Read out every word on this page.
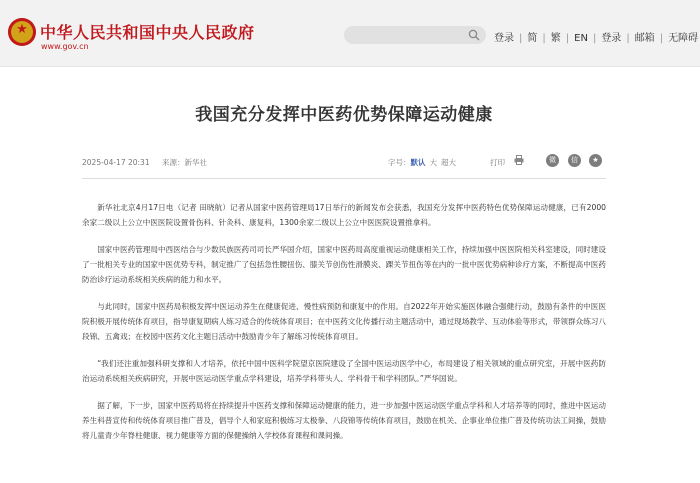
★ 中华人民共和国中央人民政府
www.gov.cn
登录 | 简 | 繁 | EN | 登录 | 邮箱 | 无障碍
我国充分发挥中医药优势保障运动健康
2025-04-17 20:31 来源：新华社	字号：默认 大 超大	打印	微	信	★

新华社北京4月17日电（记者 田晓航）记者从国家中医药管理局17日举行的新闻发布会获悉，我国充分发挥中医药特色优势保障运动健康，已有2000余家二级以上公立中医医院设置骨伤科、针灸科、康复科，1300余家二级以上公立中医医院设置推拿科。

国家中医药管理局中西医结合与少数民族医药司司长严华国介绍，国家中医药局高度重视运动健康相关工作，持续加强中医医院相关科室建设，同时建设了一批相关专业的国家中医优势专科，制定推广了包括急性腰扭伤、膝关节创伤性滑膜炎、踝关节扭伤等在内的一批中医优势病种诊疗方案，不断提高中医药防治诊疗运动系统相关疾病的能力和水平。

与此同时，国家中医药局积极发挥中医运动养生在健康促进、慢性病预防和康复中的作用。自2022年开始实施医体融合强健行动，鼓励有条件的中医医院积极开展传统体育项目，指导康复期病人练习适合的传统体育项目；在中医药文化传播行动主题活动中，通过现场教学、互动体验等形式，带领群众练习八段锦、五禽戏；在校园中医药文化主题日活动中鼓励青少年了解练习传统体育项目。

“我们还注重加强科研支撑和人才培养，依托中国中医科学院望京医院建设了全国中医运动医学中心，布局建设了相关领域的重点研究室，开展中医药防治运动系统相关疾病研究，开展中医运动医学重点学科建设，培养学科带头人、学科骨干和学科团队。”严华国说。

据了解，下一步，国家中医药局将在持续提升中医药支撑和保障运动健康的能力，进一步加强中医运动医学重点学科和人才培养等的同时，推进中医运动养生科普宣传和传统体育项目推广普及，倡导个人和家庭积极练习太极拳、八段锦等传统体育项目，鼓励在机关、企事业单位推广普及传统功法工间操，鼓励将儿童青少年脊柱健康、视力健康等方面的保健操纳入学校体育课程和课间操。
